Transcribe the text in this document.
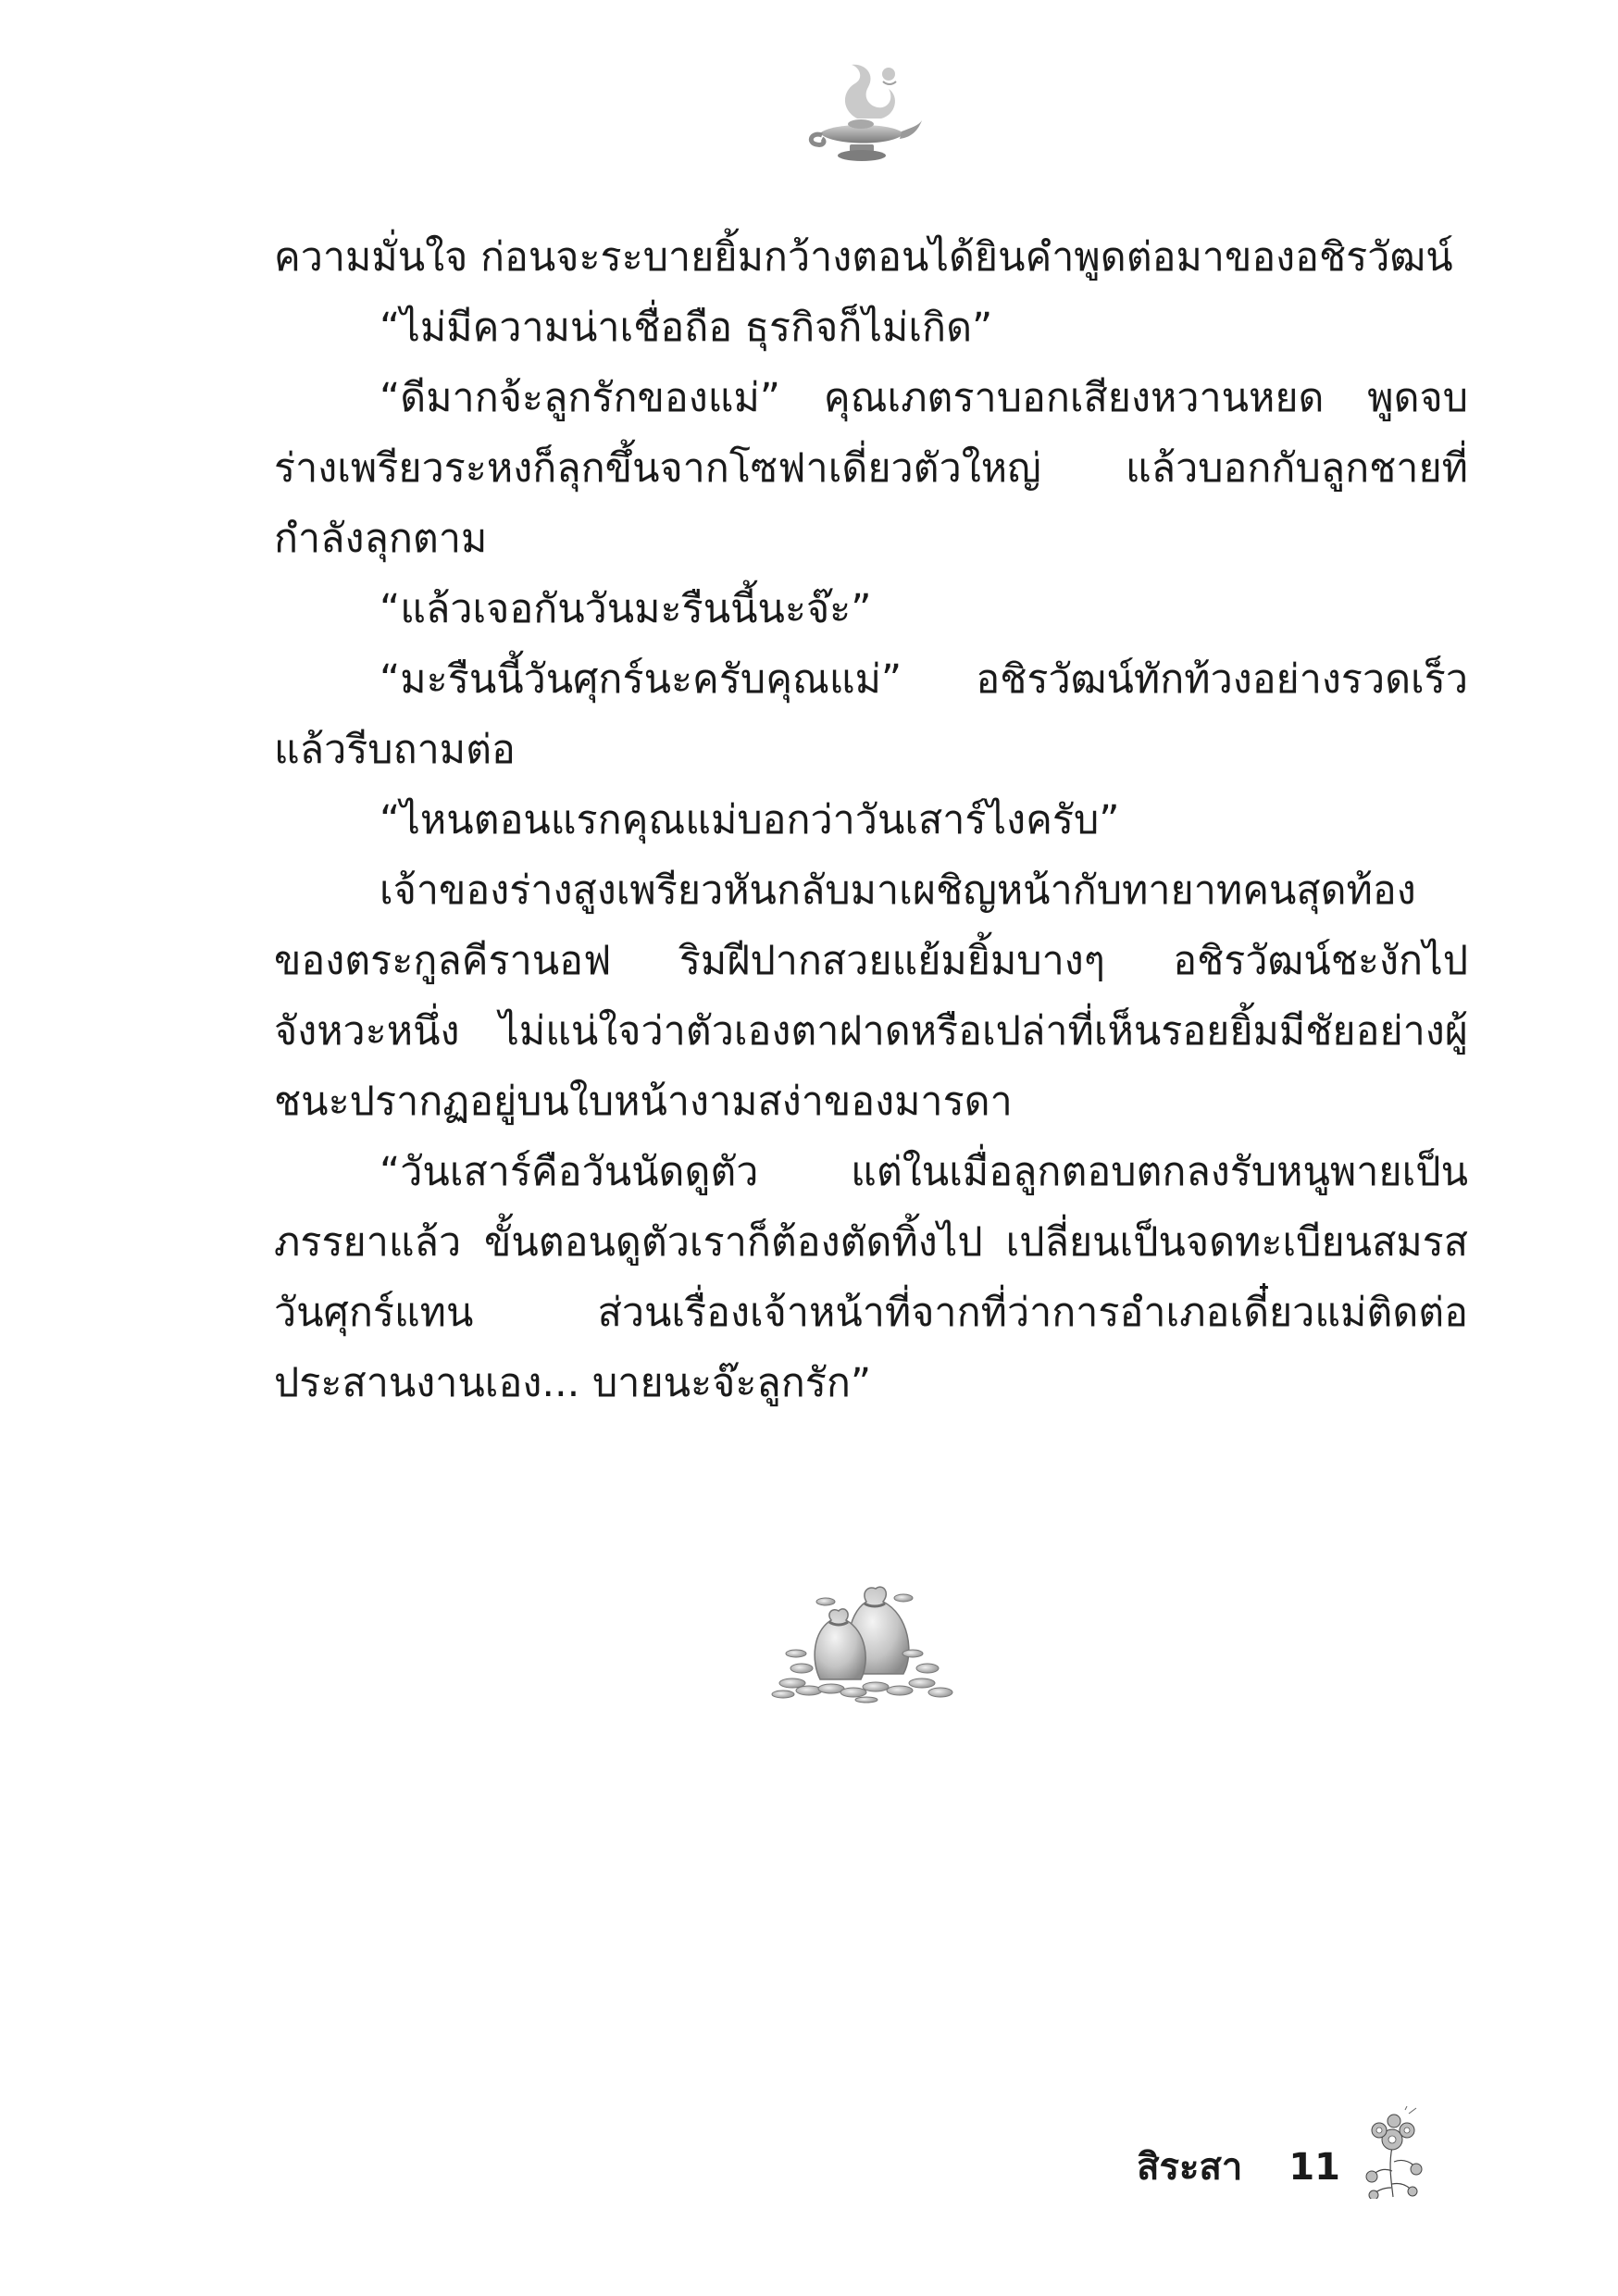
ความมั่นใจ ก่อนจะระบายยิ้มกว้างตอนได้ยินคำพูดต่อมาของอชิรวัฒน์

“ไม่มีความน่าเชื่อถือ ธุรกิจก็ไม่เกิด”

“ดีมากจ้ะลูกรักของแม่” คุณเภตราบอกเสียงหวานหยด พูดจบร่างเพรียวระหงก็ลุกขึ้นจากโซฟาเดี่ยวตัวใหญ่ แล้วบอกกับลูกชายที่กำลังลุกตาม

“แล้วเจอกันวันมะรืนนี้นะจ๊ะ”

“มะรืนนี้วันศุกร์นะครับคุณแม่” อชิรวัฒน์ทักท้วงอย่างรวดเร็ว แล้วรีบถามต่อ

“ไหนตอนแรกคุณแม่บอกว่าวันเสาร์ไงครับ”

เจ้าของร่างสูงเพรียวหันกลับมาเผชิญหน้ากับทายาทคนสุดท้องของตระกูลคีรานอฟ ริมฝีปากสวยแย้มยิ้มบางๆ อชิรวัฒน์ชะงักไปจังหวะหนึ่ง ไม่แน่ใจว่าตัวเองตาฝาดหรือเปล่าที่เห็นรอยยิ้มมีชัยอย่างผู้ชนะปรากฏอยู่บนใบหน้างามสง่าของมารดา

“วันเสาร์คือวันนัดดูตัว แต่ในเมื่อลูกตอบตกลงรับหนูพายเป็นภรรยาแล้ว ขั้นตอนดูตัวเราก็ต้องตัดทิ้งไป เปลี่ยนเป็นจดทะเบียนสมรสวันศุกร์แทน ส่วนเรื่องเจ้าหน้าที่จากที่ว่าการอำเภอเดี๋ยวแม่ติดต่อประสานงานเอง... บายนะจ๊ะลูกรัก”

สิระสา	11
